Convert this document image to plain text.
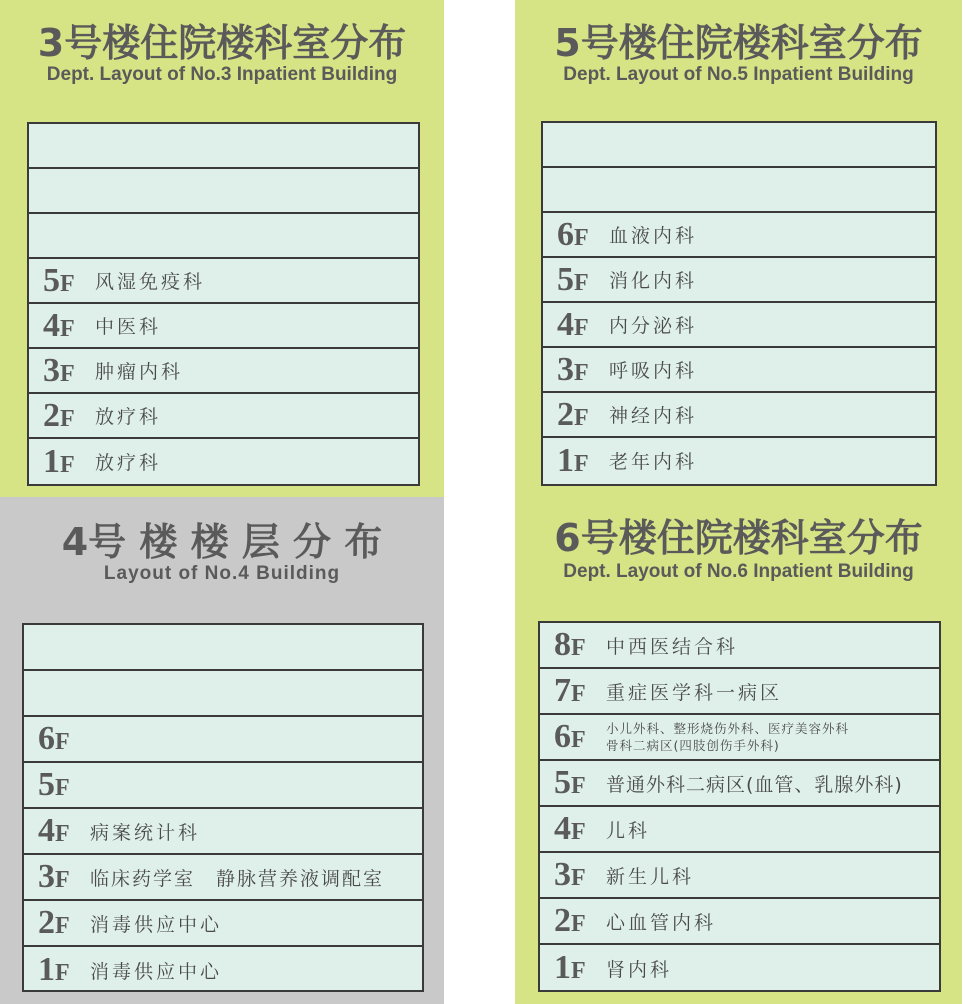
3号楼住院楼科室分布
Dept. Layout of No.3 Inpatient Building
5 F	风湿免疫科
4 F	中医科
3 F	肿瘤内科
2 F	放疗科
1 F	放疗科
5号楼住院楼科室分布
Dept. Layout of No.5 Inpatient Building
6 F	血液内科
5 F	消化内科
4 F	内分泌科
3 F	呼吸内科
2 F	神经内科
1 F	老年内科
4号 楼 楼 层 分 布
Layout of No.4 Building
6 F
5 F
4 F	病案统计科
3 F	临床药学室　静脉营养液调配室
2 F	消毒供应中心
1 F	消毒供应中心
6号楼住院楼科室分布
Dept. Layout of No.6 Inpatient Building
8 F	中西医结合科
7 F	重症医学科一病区
6 F 小儿外科、整形烧伤外科、医疗美容外科
骨科二病区(四肢创伤手外科)
5 F	普通外科二病区(血管、乳腺外科)
4 F	儿科
3 F	新生儿科
2 F	心血管内科
1 F	肾内科
